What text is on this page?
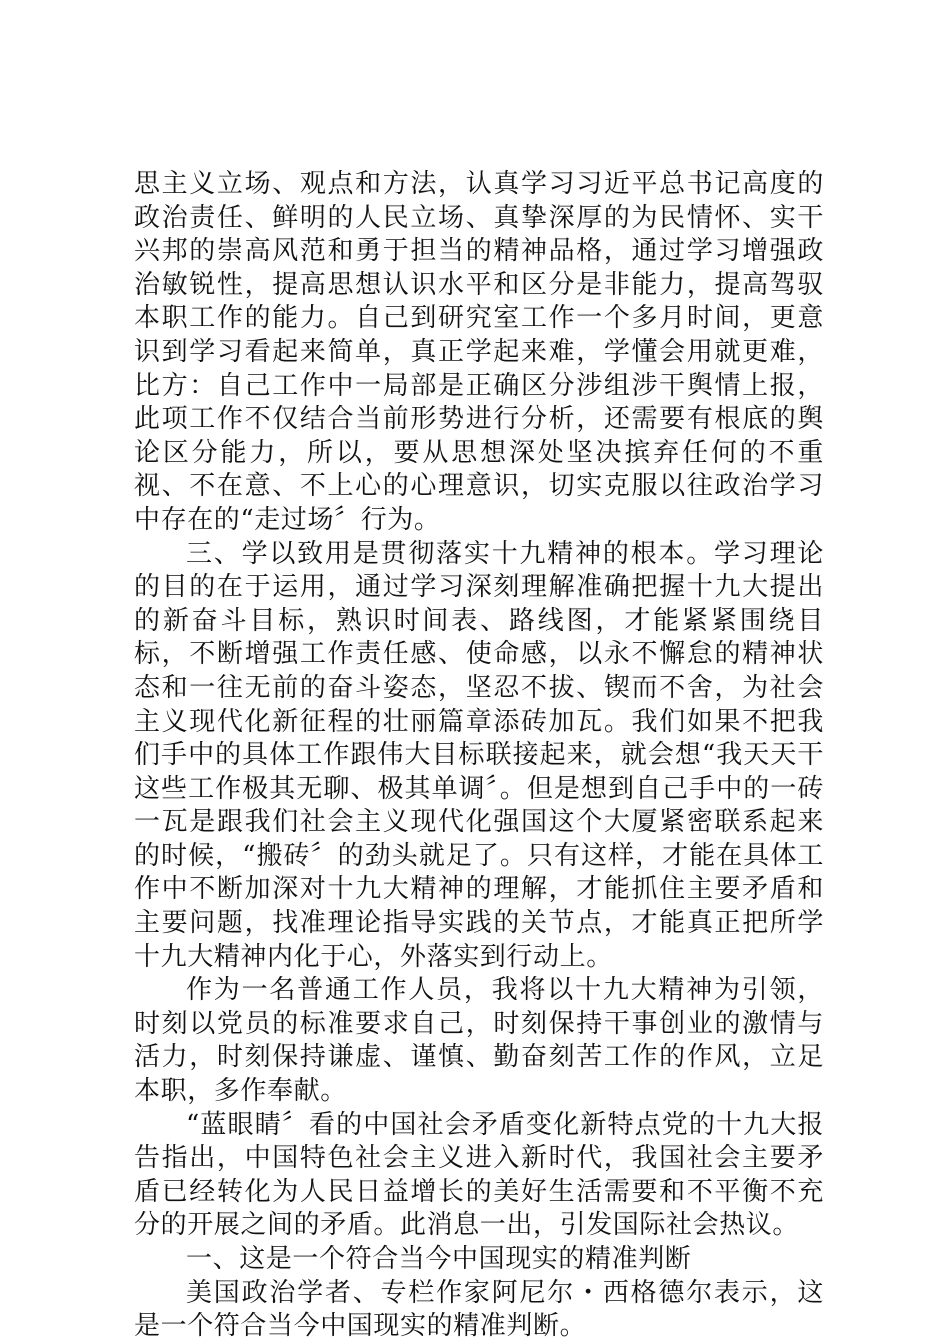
思主义立场、观点和方法，认真学习习近平总书记高度的政治责任、鲜明的人民立场、真挚深厚的为民情怀、实干兴邦的崇高风范和勇于担当的精神品格，通过学习增强政治敏锐性，提高思想认识水平和区分是非能力，提高驾驭本职工作的能力。自己到研究室工作一个多月时间，更意识到学习看起来简单，真正学起来难，学懂会用就更难，比方：自己工作中一局部是正确区分涉组涉干舆情上报，此项工作不仅结合当前形势进行分析，还需要有根底的舆论区分能力，所以，要从思想深处坚决摈弃任何的不重视、不在意、不上心的心理意识，切实克服以往政治学习中存在的“走过场〞行为。

三、学以致用是贯彻落实十九精神的根本。学习理论的目的在于运用，通过学习深刻理解准确把握十九大提出的新奋斗目标，熟识时间表、路线图，才能紧紧围绕目标，不断增强工作责任感、使命感，以永不懈怠的精神状态和一往无前的奋斗姿态，坚忍不拔、锲而不舍，为社会主义现代化新征程的壮丽篇章添砖加瓦。我们如果不把我们手中的具体工作跟伟大目标联接起来，就会想“我天天干这些工作极其无聊、极其单调〞。但是想到自己手中的一砖一瓦是跟我们社会主义现代化强国这个大厦紧密联系起来的时候，“搬砖〞的劲头就足了。只有这样，才能在具体工作中不断加深对十九大精神的理解，才能抓住主要矛盾和主要问题，找准理论指导实践的关节点，才能真正把所学十九大精神内化于心，外落实到行动上。

作为一名普通工作人员，我将以十九大精神为引领，时刻以党员的标准要求自己，时刻保持干事创业的激情与活力，时刻保持谦虚、谨慎、勤奋刻苦工作的作风，立足本职，多作奉献。

“蓝眼睛〞看的中国社会矛盾变化新特点党的十九大报告指出，中国特色社会主义进入新时代，我国社会主要矛盾已经转化为人民日益增长的美好生活需要和不平衡不充分的开展之间的矛盾。此消息一出，引发国际社会热议。

一、这是一个符合当今中国现实的精准判断

美国政治学者、专栏作家阿尼尔・西格德尔表示，这是一个符合当今中国现实的精准判断。
